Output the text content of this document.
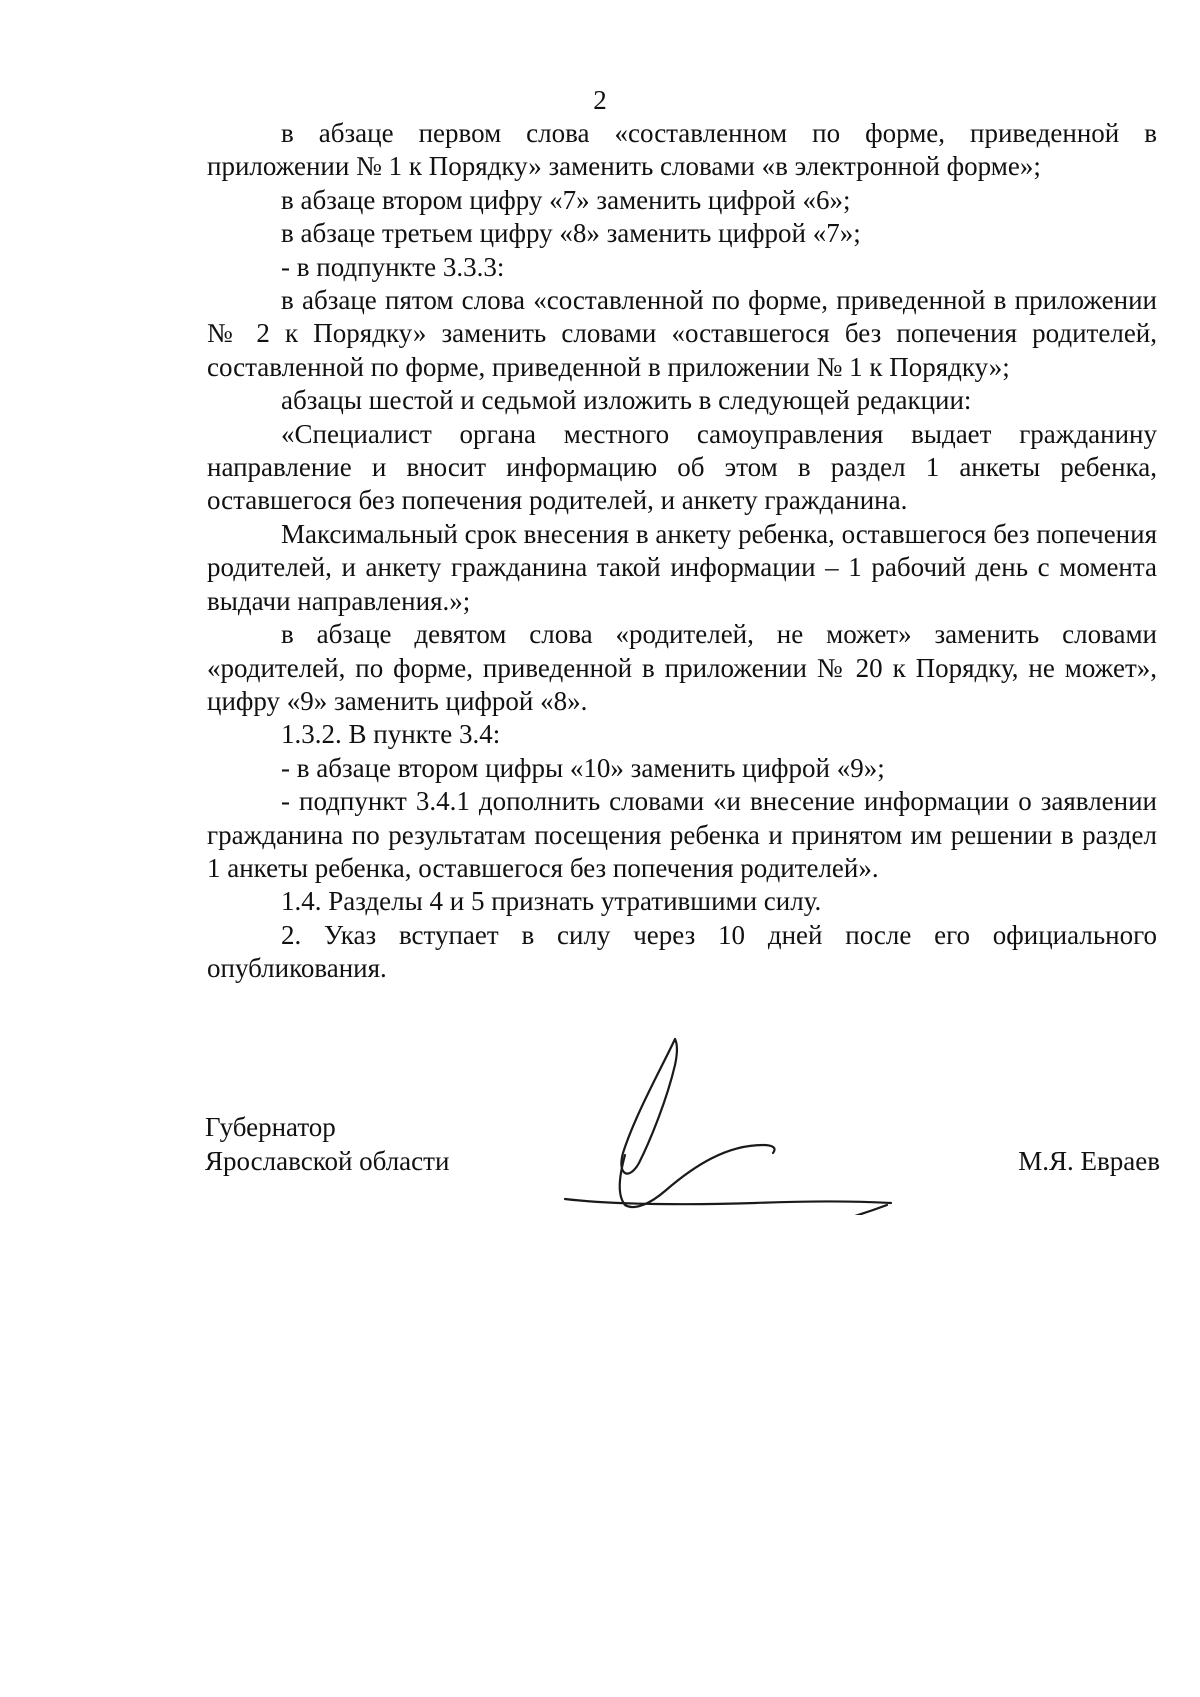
2

в абзаце первом слова «составленном по форме, приведенной в приложении № 1 к Порядку» заменить словами «в электронной форме»;

в абзаце втором цифру «7» заменить цифрой «6»;

в абзаце третьем цифру «8» заменить цифрой «7»;

- в подпункте 3.3.3:

в абзаце пятом слова «составленной по форме, приведенной в приложении № 2 к Порядку» заменить словами «оставшегося без попечения родителей, составленной по форме, приведенной в приложении № 1 к Порядку»;

абзацы шестой и седьмой изложить в следующей редакции:

«Специалист органа местного самоуправления выдает гражданину направление и вносит информацию об этом в раздел 1 анкеты ребенка, оставшегося без попечения родителей, и анкету гражданина.

Максимальный срок внесения в анкету ребенка, оставшегося без попечения родителей, и анкету гражданина такой информации – 1 рабочий день с момента выдачи направления.»;

в абзаце девятом слова «родителей, не может» заменить словами «родителей, по форме, приведенной в приложении № 20 к Порядку, не может», цифру «9» заменить цифрой «8».

1.3.2. В пункте 3.4:

- в абзаце втором цифры «10» заменить цифрой «9»;

- подпункт 3.4.1 дополнить словами «и внесение информации о заявлении гражданина по результатам посещения ребенка и принятом им решении в раздел 1 анкеты ребенка, оставшегося без попечения родителей».

1.4. Разделы 4 и 5 признать утратившими силу.

2. Указ вступает в силу через 10 дней после его официального опубликования.

Губернатор
Ярославской области	М.Я. Евраев
